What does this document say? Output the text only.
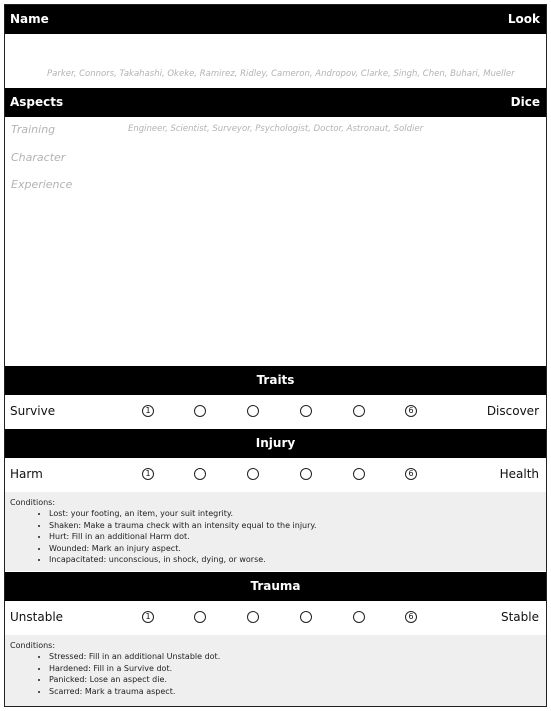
Name	Look
Parker, Connors, Takahashi, Okeke, Ramirez, Ridley, Cameron, Andropov, Clarke, Singh, Chen, Buhari, Mueller
Aspects	Dice
Training	Engineer, Scientist, Surveyor, Psychologist, Doctor, Astronaut, Soldier
Character
Experience
Traits
Survive	1	6	Discover
Injury
Harm	1	6	Health
Conditions:
• Lost: your footing, an item, your suit integrity.
• Shaken: Make a trauma check with an intensity equal to the injury.
• Hurt: Fill in an additional Harm dot.
• Wounded: Mark an injury aspect.
• Incapacitated: unconscious, in shock, dying, or worse.
Trauma
Unstable	1	6	Stable
Conditions:
• Stressed: Fill in an additional Unstable dot.
• Hardened: Fill in a Survive dot.
• Panicked: Lose an aspect die.
• Scarred: Mark a trauma aspect.
